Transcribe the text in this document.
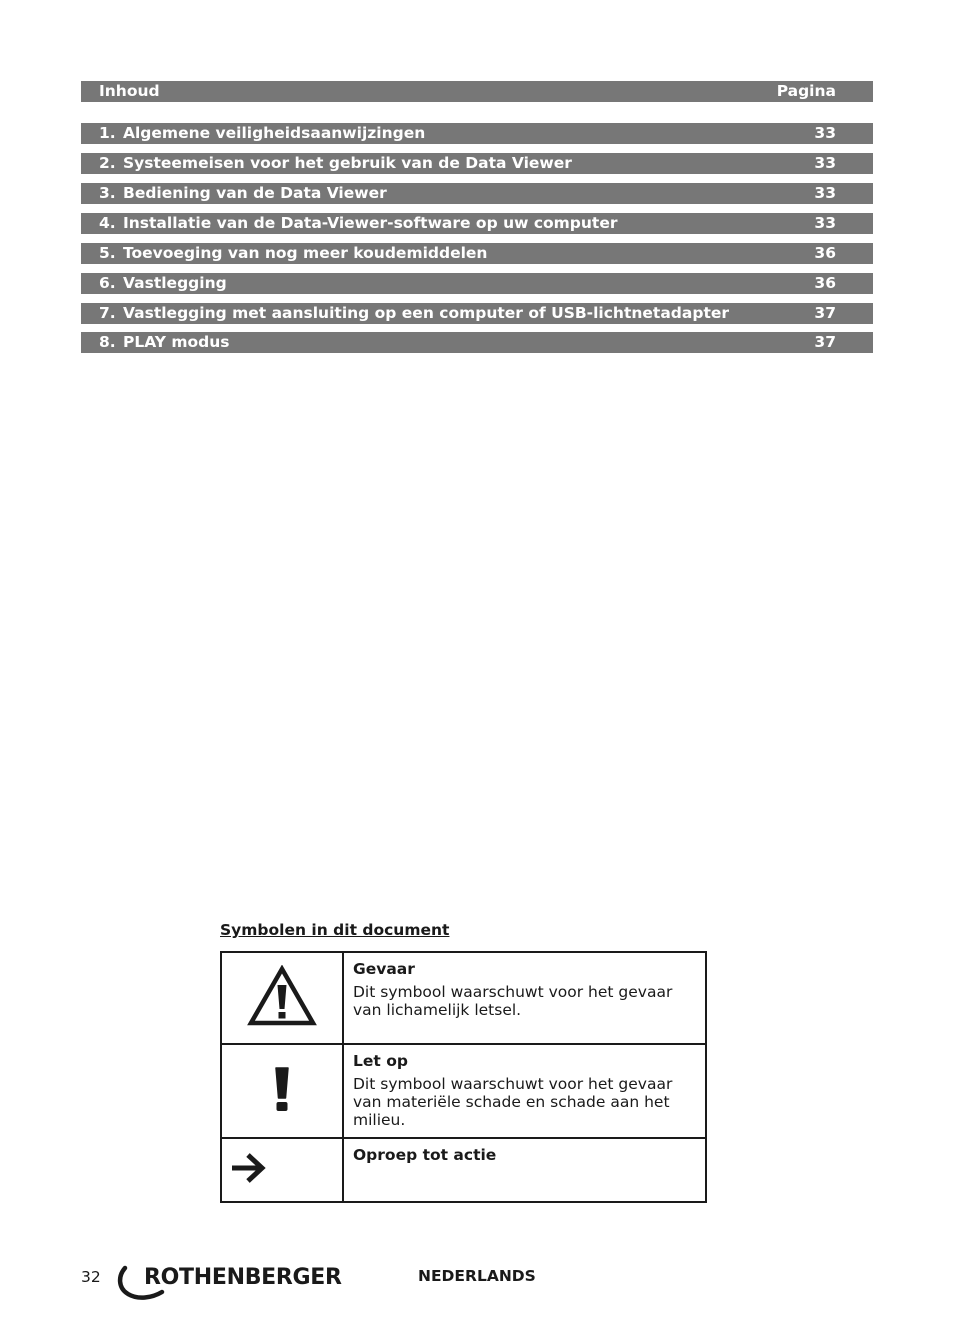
Inhoud	Pagina
1. Algemene veiligheidsaanwijzingen	33
2. Systeemeisen voor het gebruik van de Data Viewer	33
3. Bediening van de Data Viewer	33
4. Installatie van de Data-Viewer-software op uw computer	33
5. Toevoeging van nog meer koudemiddelen	36
6. Vastlegging	36
7. Vastlegging met aansluiting op een computer of USB-lichtnetadapter	37
8. PLAY modus	37
Symbolen in dit document

Gevaar
Dit symbool waarschuwt voor het gevaar van lichamelijk letsel.

Let op
Dit symbool waarschuwt voor het gevaar van materiële schade en schade aan het milieu.

Oproep tot actie
32 ROTHENBERGER	NEDERLANDS
